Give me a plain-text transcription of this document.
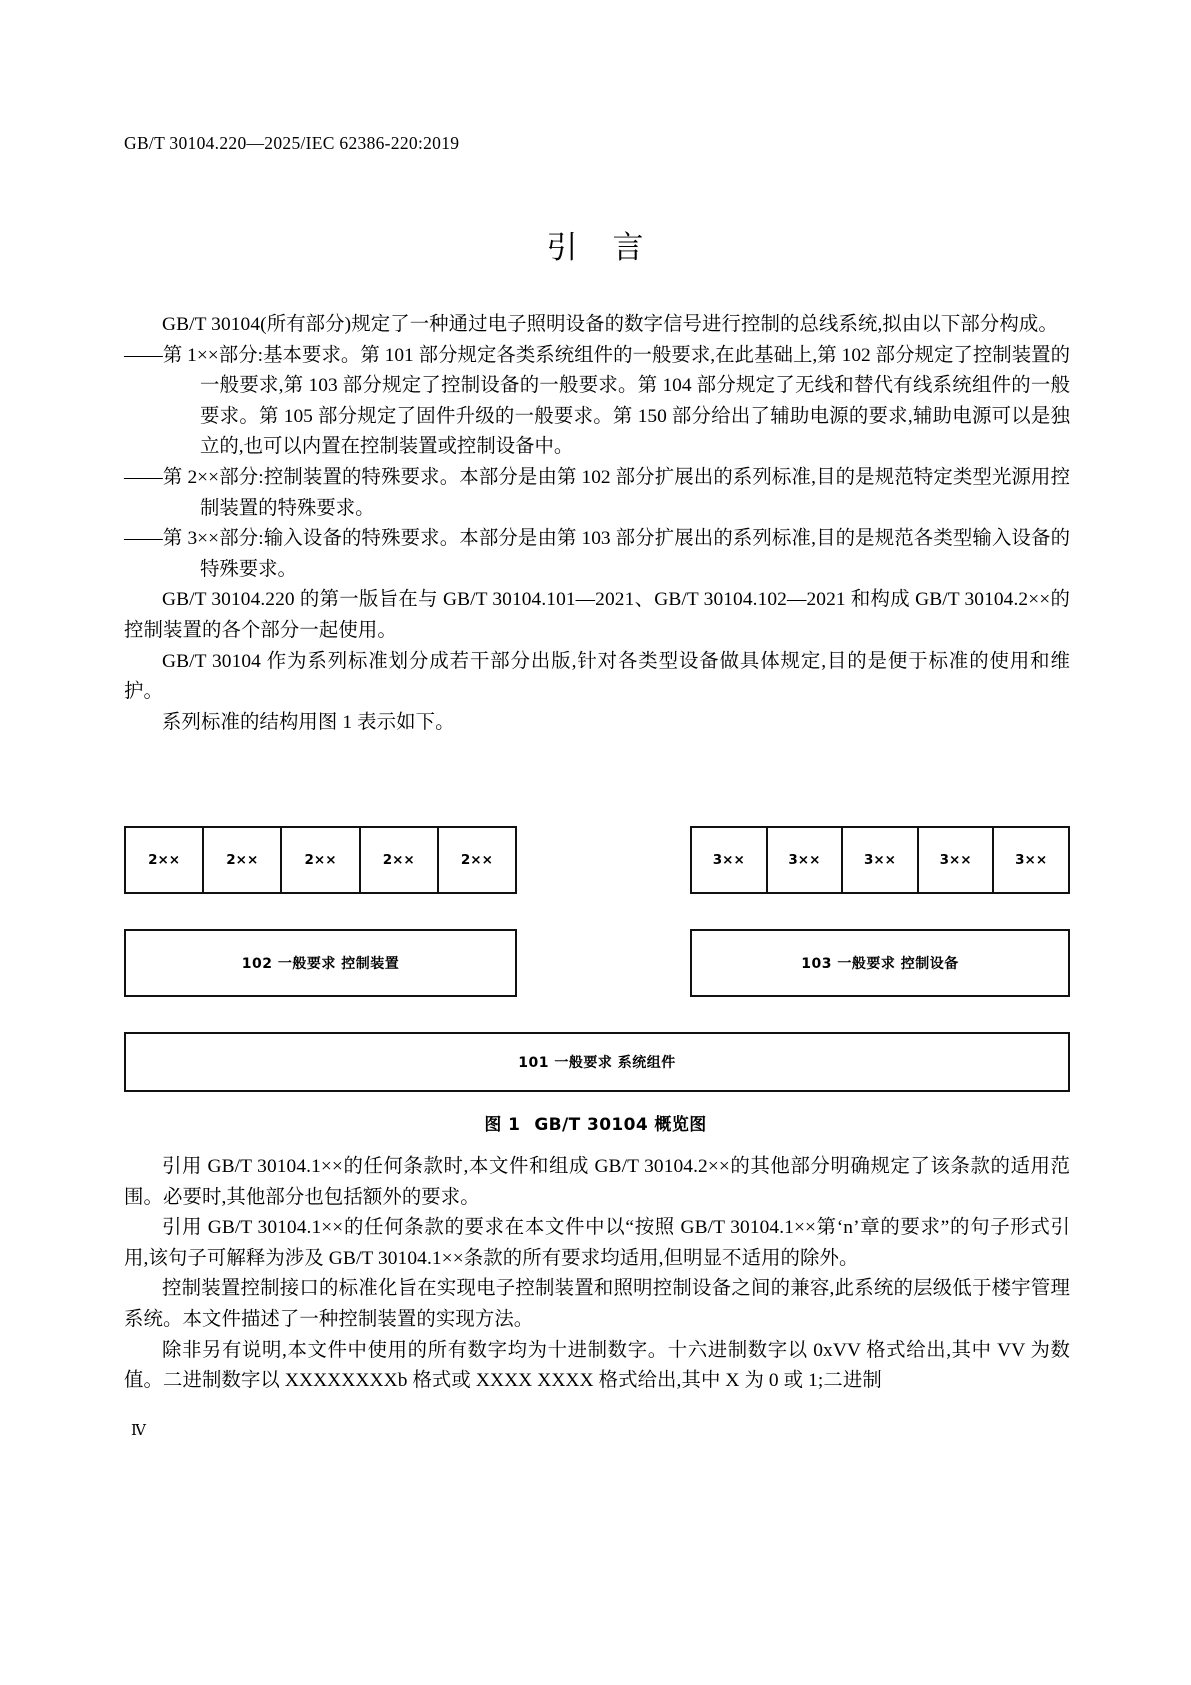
GB/T 30104.220—2025/IEC 62386-220:2019
引 言

GB/T 30104(所有部分)规定了一种通过电子照明设备的数字信号进行控制的总线系统,拟由以下部分构成。

——第 1××部分:基本要求。第 101 部分规定各类系统组件的一般要求,在此基础上,第 102 部分规定了控制装置的一般要求,第 103 部分规定了控制设备的一般要求。第 104 部分规定了无线和替代有线系统组件的一般要求。第 105 部分规定了固件升级的一般要求。第 150 部分给出了辅助电源的要求,辅助电源可以是独立的,也可以内置在控制装置或控制设备中。

——第 2××部分:控制装置的特殊要求。本部分是由第 102 部分扩展出的系列标准,目的是规范特定类型光源用控制装置的特殊要求。

——第 3××部分:输入设备的特殊要求。本部分是由第 103 部分扩展出的系列标准,目的是规范各类型输入设备的特殊要求。

GB/T 30104.220 的第一版旨在与 GB/T 30104.101—2021、GB/T 30104.102—2021 和构成 GB/T 30104.2××的控制装置的各个部分一起使用。

GB/T 30104 作为系列标准划分成若干部分出版,针对各类型设备做具体规定,目的是便于标准的使用和维护。

系列标准的结构用图 1 表示如下。

2××	2××	2××	2××	2××	3××	3××	3××	3××	3××
102 一般要求 控制装置	103 一般要求 控制设备
101 一般要求 系统组件
图 1 GB/T 30104 概览图

引用 GB/T 30104.1××的任何条款时,本文件和组成 GB/T 30104.2××的其他部分明确规定了该条款的适用范围。必要时,其他部分也包括额外的要求。

引用 GB/T 30104.1××的任何条款的要求在本文件中以“按照 GB/T 30104.1××第‘n’章的要求”的句子形式引用,该句子可解释为涉及 GB/T 30104.1××条款的所有要求均适用,但明显不适用的除外。

控制装置控制接口的标准化旨在实现电子控制装置和照明控制设备之间的兼容,此系统的层级低于楼宇管理系统。本文件描述了一种控制装置的实现方法。

除非另有说明,本文件中使用的所有数字均为十进制数字。十六进制数字以 0xVV 格式给出,其中 VV 为数值。二进制数字以 XXXXXXXXb 格式或 XXXX XXXX 格式给出,其中 X 为 0 或 1;二进制

Ⅳ
